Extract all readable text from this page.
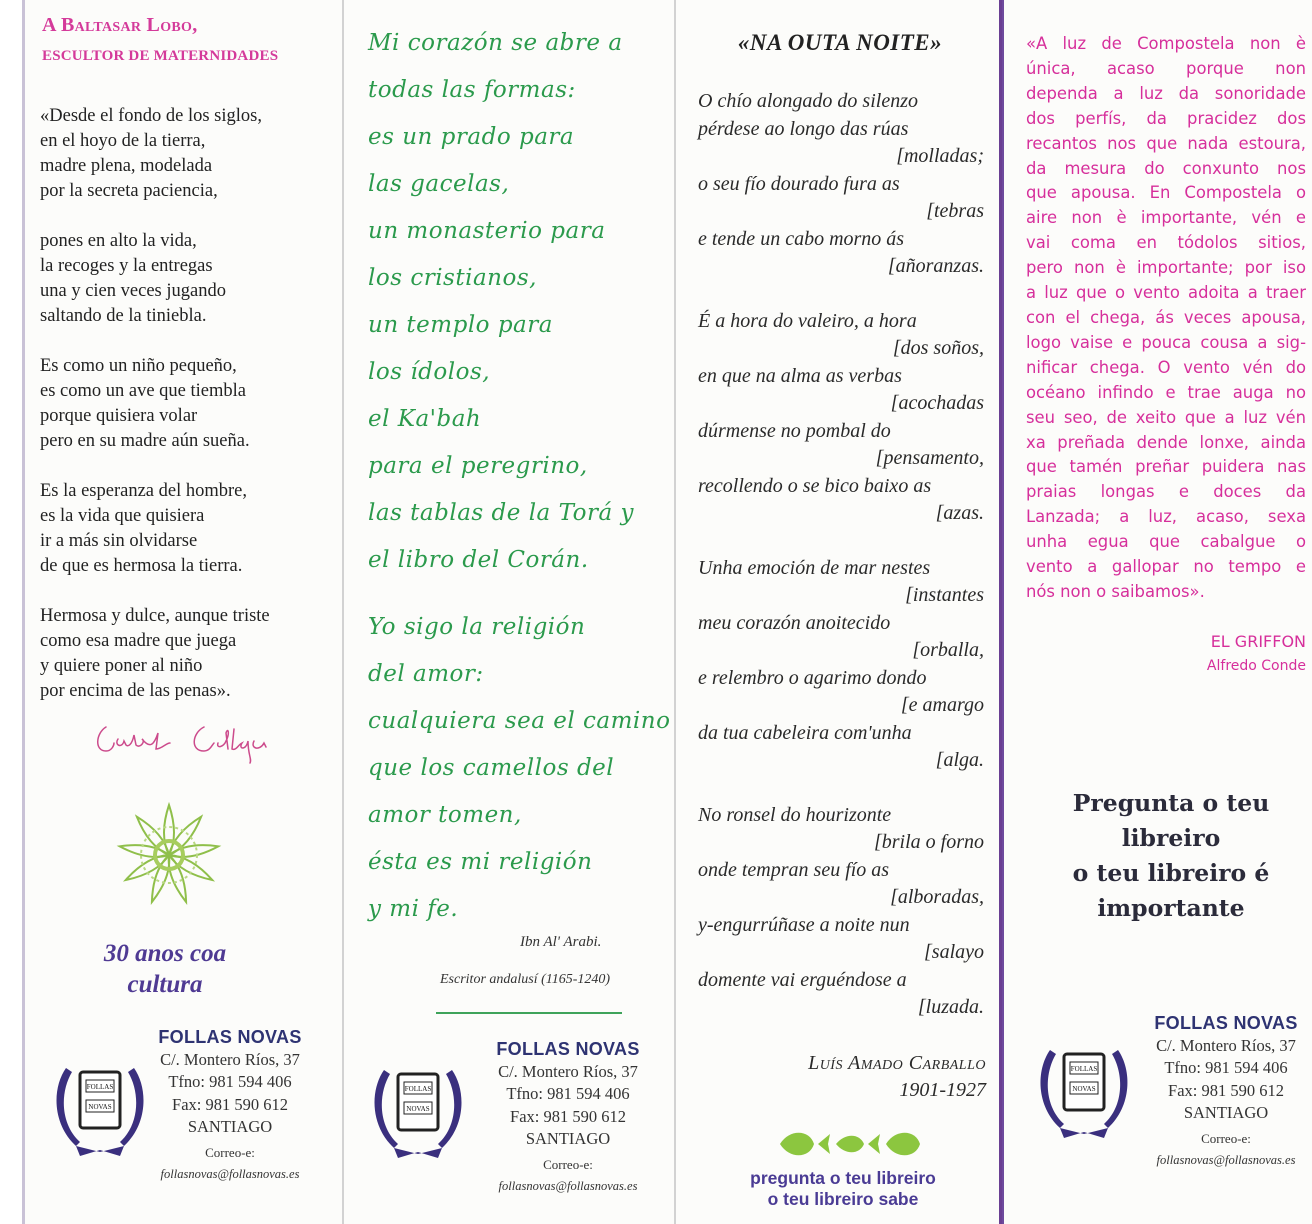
A Baltasar Lobo,
ESCULTOR DE MATERNIDADES
«Desde el fondo de los siglos,
en el hoyo de la tierra,
madre plena, modelada
por la secreta paciencia,
pones en alto la vida,
la recoges y la entregas
una y cien veces jugando
saltando de la tiniebla.
Es como un niño pequeño,
es como un ave que tiembla
porque quisiera volar
pero en su madre aún sueña.
Es la esperanza del hombre,
es la vida que quisiera
ir a más sin olvidarse
de que es hermosa la tierra.
Hermosa y dulce, aunque triste
como esa madre que juega
y quiere poner al niño
por encima de las penas».
30 anos coa
cultura
FOLLAS
NOVAS
FOLLAS NOVAS
C/. Montero Ríos, 37
Tfno: 981 594 406
Fax: 981 590 612
SANTIAGO
Correo-e:
follasnovas@follasnovas.es
Mi corazón se abre a
todas las formas:
es un prado para
las gacelas,
un monasterio para
los cristianos,
un templo para
los ídolos,
el Ka'bah
para el peregrino,
las tablas de la Torá y
el libro del Corán.
Yo sigo la religión
del amor:
cualquiera sea el camino
que los camellos del
amor tomen,
ésta es mi religión
y mi fe.
Ibn Al' Arabi.
Escritor andalusí (1165-1240)
FOLLAS
NOVAS
FOLLAS NOVAS
C/. Montero Ríos, 37
Tfno: 981 594 406
Fax: 981 590 612
SANTIAGO
Correo-e:
follasnovas@follasnovas.es
«NA OUTA NOITE»
O chío alongado do silenzo
pérdese ao longo das rúas
[molladas;
o seu fío dourado fura as
[tebras
e tende un cabo morno ás
[añoranzas.
É a hora do valeiro, a hora
[dos soños,
en que na alma as verbas
[acochadas
dúrmense no pombal do
[pensamento,
recollendo o se bico baixo as
[azas.
Unha emoción de mar nestes
[instantes
meu corazón anoitecido
[orballa,
e relembro o agarimo dondo
[e amargo
da tua cabeleira com'unha
[alga.
No ronsel do hourizonte
[brila o forno
onde tempran seu fío as
[alboradas,
y-engurrúñase a noite nun
[salayo
domente vai erguéndose a
[luzada.
Luís Amado Carballo
1901-1927
pregunta o teu libreiro
o teu libreiro sabe
«A luz de Compostela non è
única, acaso porque non
dependa a luz da sonoridade
dos perfís, da pracidez dos
recantos nos que nada estoura,
da mesura do conxunto nos
que apousa. En Compostela o
aire non è importante, vén e
vai coma en tódolos sitios,
pero non è importante; por iso
a luz que o vento adoita a traer
con el chega, ás veces apousa,
logo vaise e pouca cousa a sig-
nificar chega. O vento vén do
océano infindo e trae auga no
seu seo, de xeito que a luz vén
xa preñada dende lonxe, ainda
que tamén preñar puidera nas
praias longas e doces da
Lanzada; a luz, acaso, sexa
unha egua que cabalgue o
vento a gallopar no tempo e
nós non o saibamos».
EL GRIFFON
Alfredo Conde
Pregunta o teu
libreiro
o teu libreiro é
importante
FOLLAS
NOVAS
FOLLAS NOVAS
C/. Montero Ríos, 37
Tfno: 981 594 406
Fax: 981 590 612
SANTIAGO
Correo-e:
follasnovas@follasnovas.es
